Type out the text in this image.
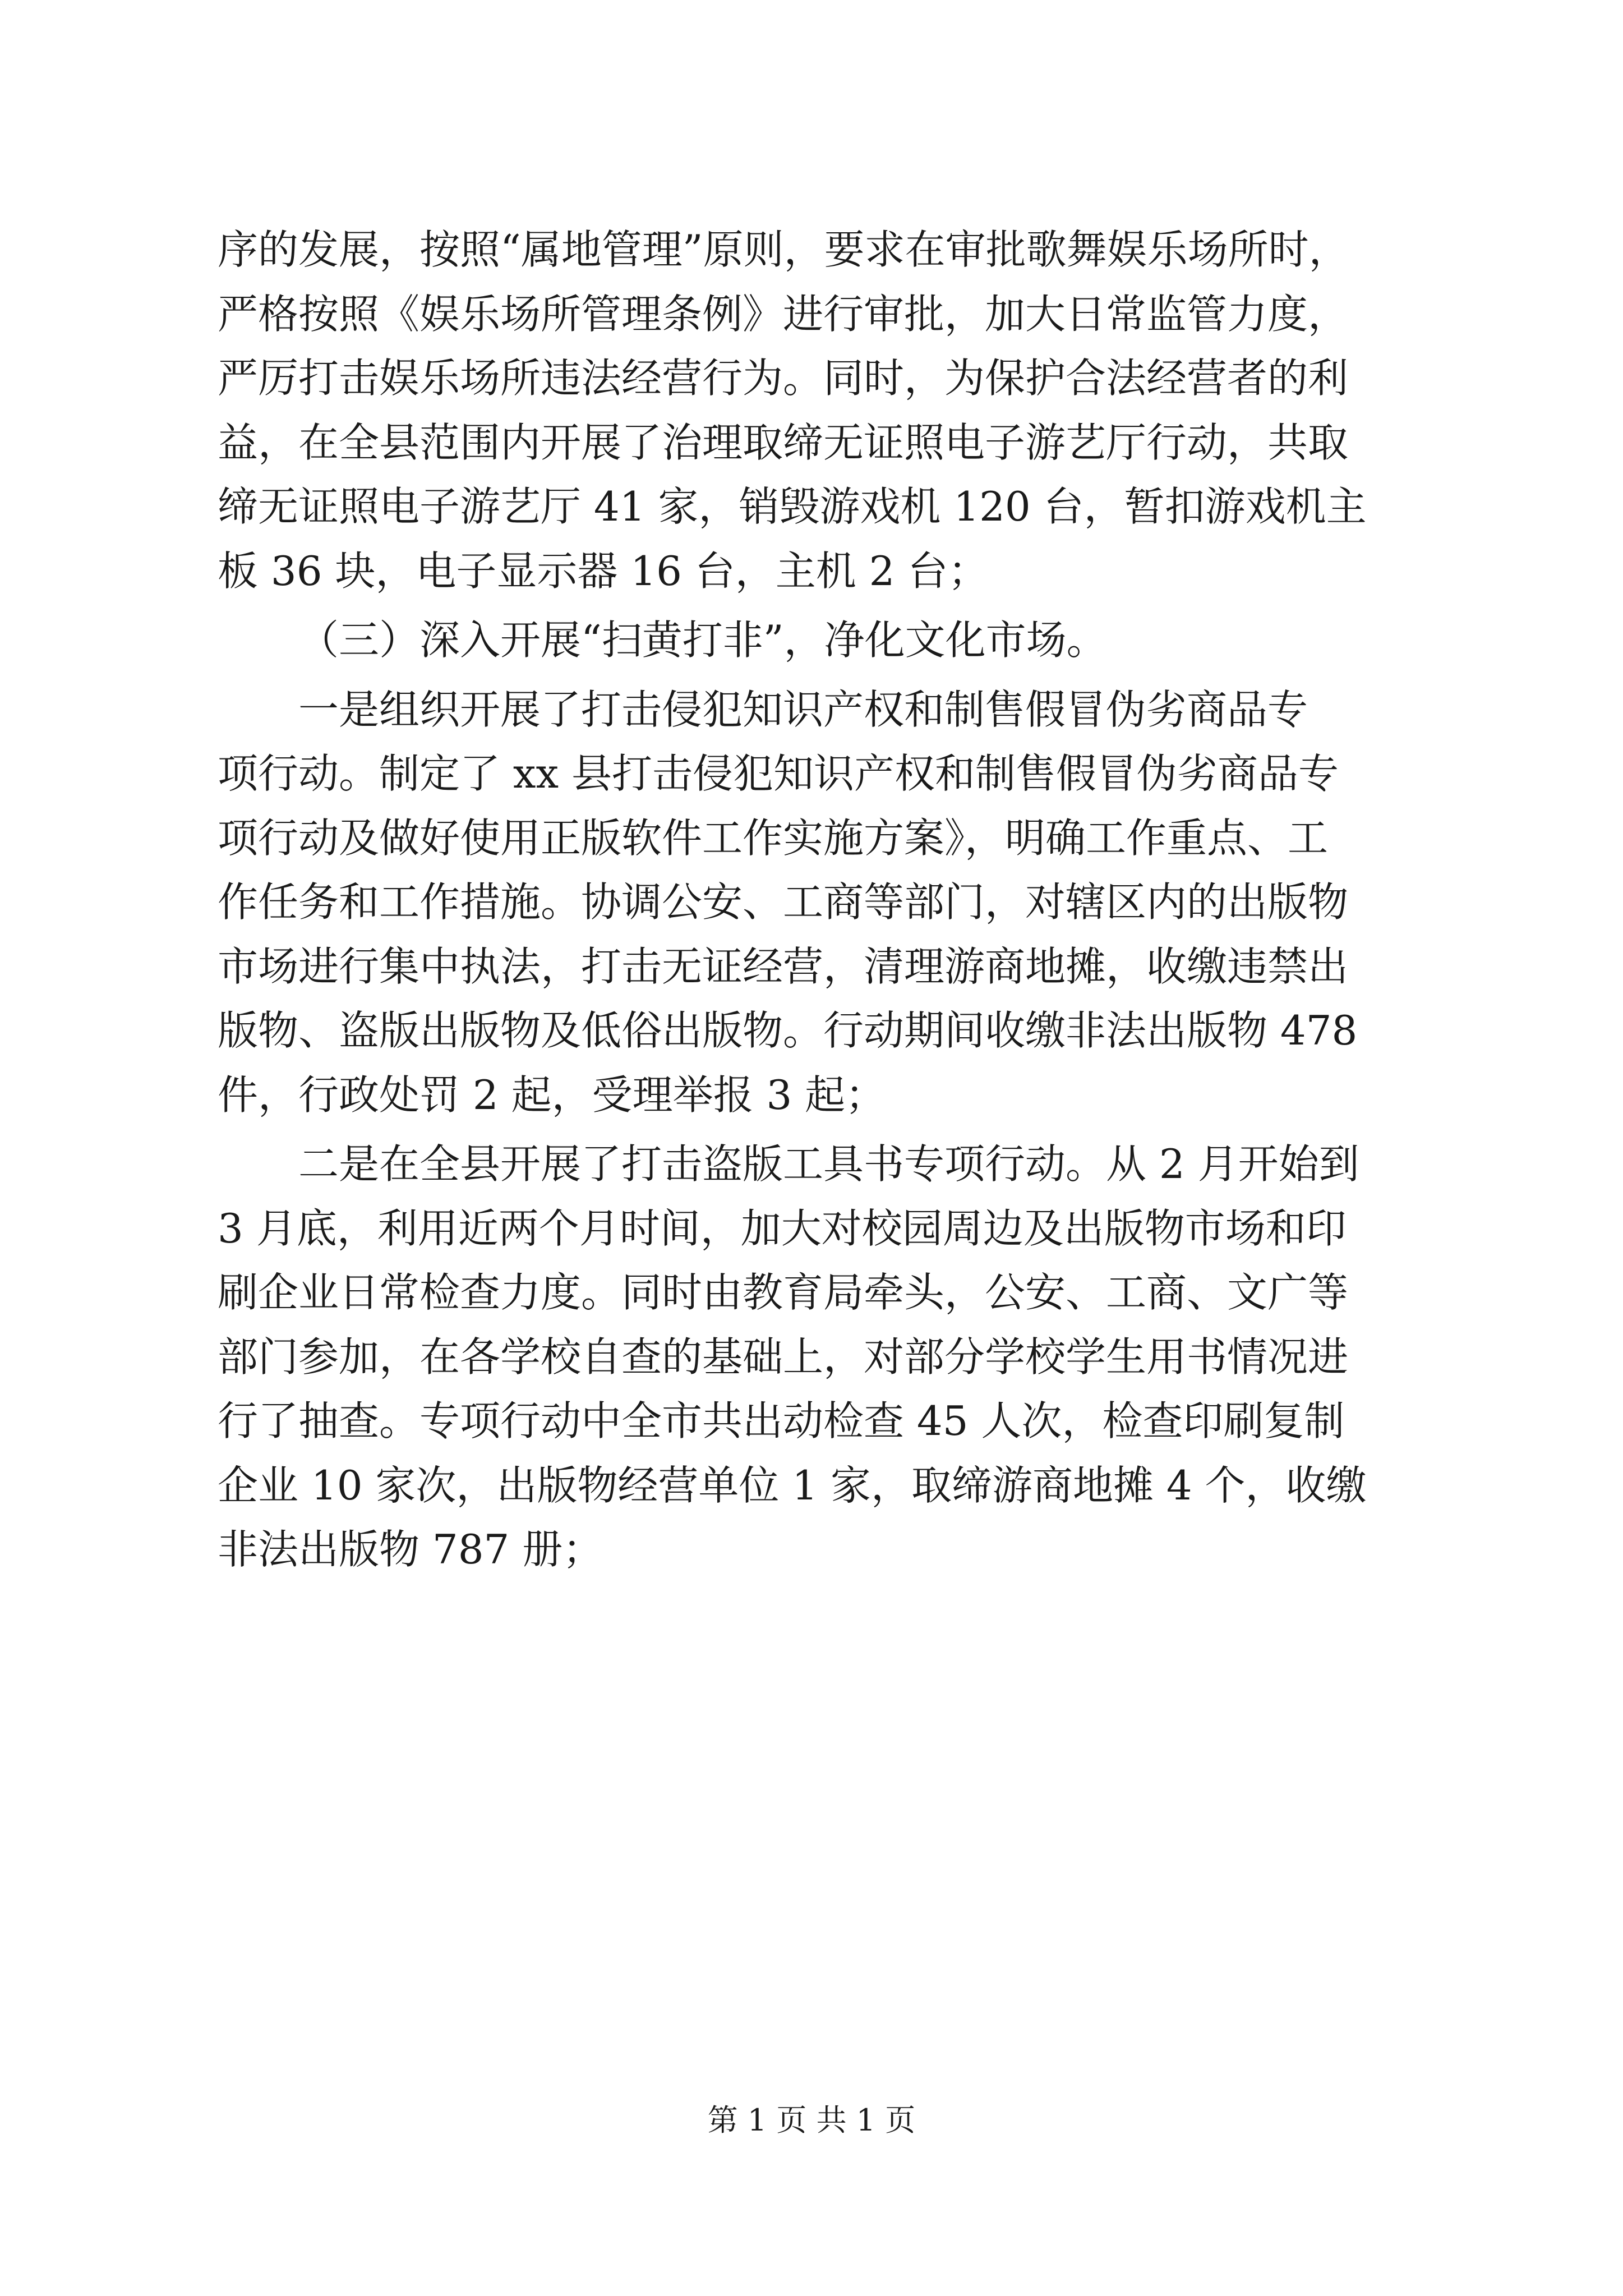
序的发展，按照“属地管理”原则，要求在审批歌舞娱乐场所时，
严格按照《娱乐场所管理条例》进行审批，加大日常监管力度，
严厉打击娱乐场所违法经营行为。同时，为保护合法经营者的利
益，在全县范围内开展了治理取缔无证照电子游艺厅行动，共取
缔无证照电子游艺厅 41 家，销毁游戏机 120 台，暂扣游戏机主
板 36 块，电子显示器 16 台，主机 2 台；
（三）深入开展“扫黄打非”，净化文化市场。
一是组织开展了打击侵犯知识产权和制售假冒伪劣商品专
项行动。制定了 xx 县打击侵犯知识产权和制售假冒伪劣商品专
项行动及做好使用正版软件工作实施方案》，明确工作重点、工
作任务和工作措施。协调公安、工商等部门，对辖区内的出版物
市场进行集中执法，打击无证经营，清理游商地摊，收缴违禁出
版物、盗版出版物及低俗出版物。行动期间收缴非法出版物 478
件，行政处罚 2 起，受理举报 3 起；
二是在全县开展了打击盗版工具书专项行动。从 2 月开始到
3 月底，利用近两个月时间，加大对校园周边及出版物市场和印
刷企业日常检查力度。同时由教育局牵头，公安、工商、文广等
部门参加，在各学校自查的基础上，对部分学校学生用书情况进
行了抽查。专项行动中全市共出动检查 45 人次，检查印刷复制
企业 10 家次，出版物经营单位 1 家，取缔游商地摊 4 个，收缴
非法出版物 787 册；
第 1 页 共 1 页
